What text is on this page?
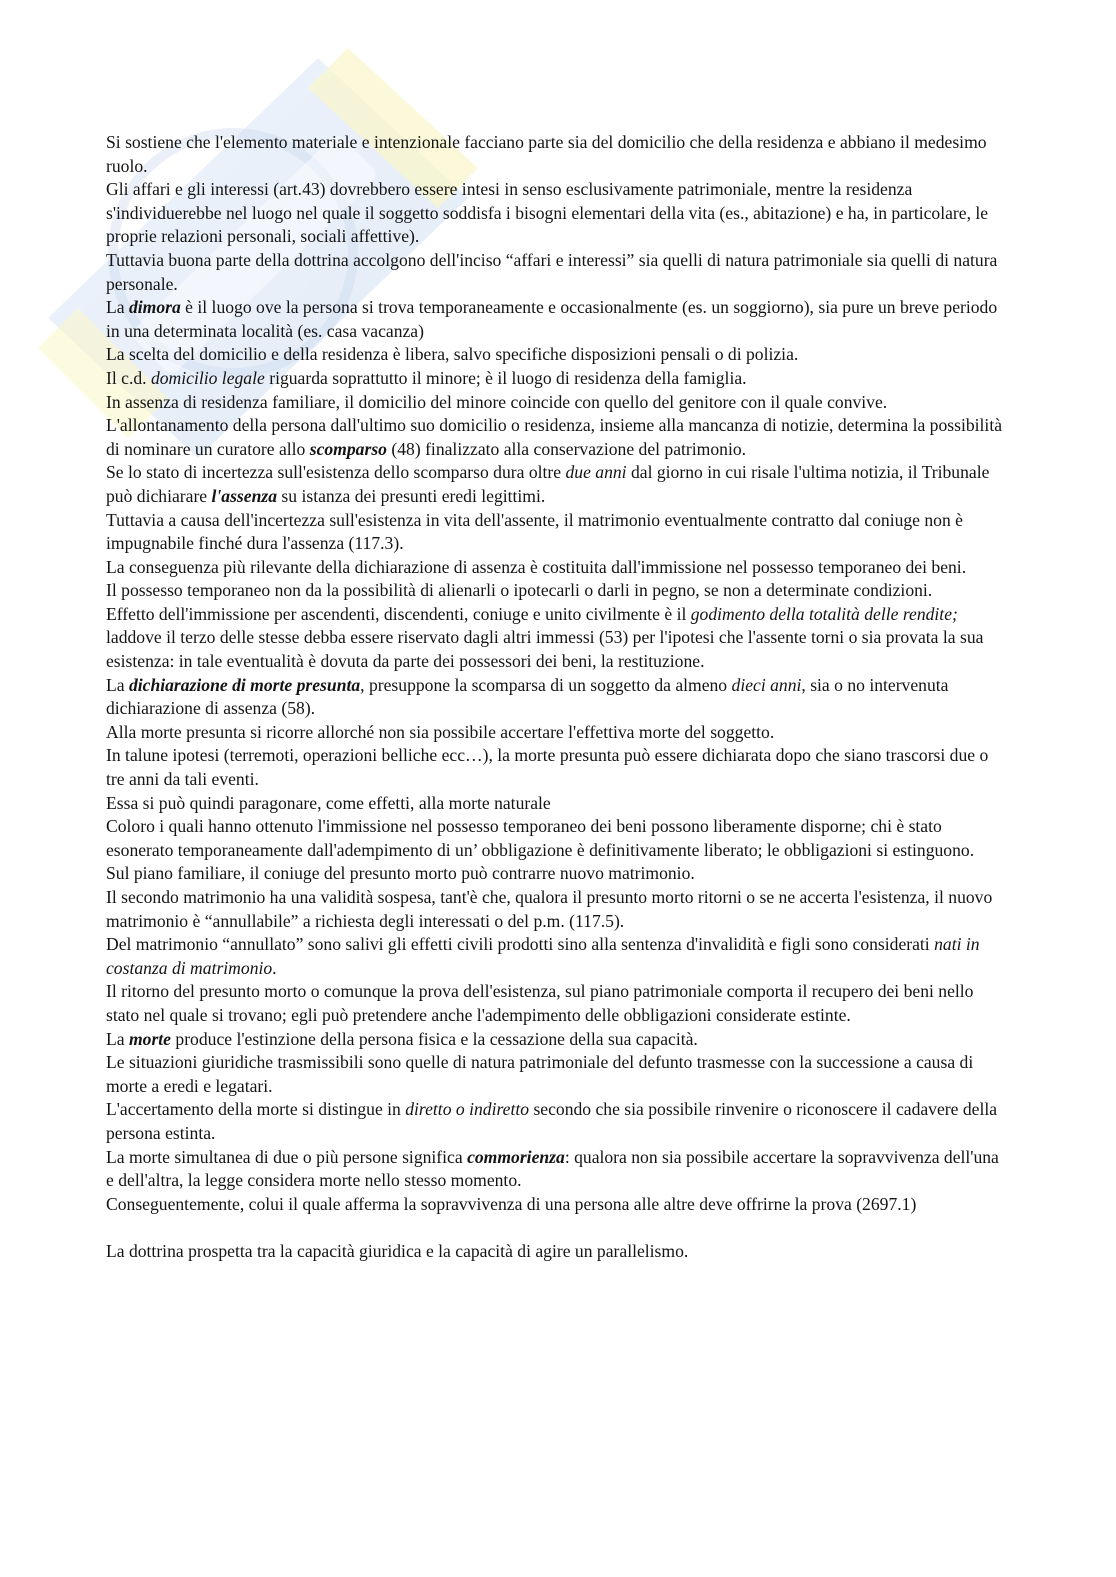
Si sostiene che l'elemento materiale e intenzionale facciano parte sia del domicilio che della residenza e abbiano il medesimo ruolo.

Gli affari e gli interessi (art.43) dovrebbero essere intesi in senso esclusivamente patrimoniale, mentre la residenza s'individuerebbe nel luogo nel quale il soggetto soddisfa i bisogni elementari della vita (es., abitazione) e ha, in particolare, le proprie relazioni personali, sociali affettive).

Tuttavia buona parte della dottrina accolgono dell'inciso “affari e interessi” sia quelli di natura patrimoniale sia quelli di natura personale.

La dimora è il luogo ove la persona si trova temporaneamente e occasionalmente (es. un soggiorno), sia pure un breve periodo in una determinata località (es. casa vacanza)

La scelta del domicilio e della residenza è libera, salvo specifiche disposizioni pensali o di polizia.

Il c.d. domicilio legale riguarda soprattutto il minore; è il luogo di residenza della famiglia.

In assenza di residenza familiare, il domicilio del minore coincide con quello del genitore con il quale convive.

L'allontanamento della persona dall'ultimo suo domicilio o residenza, insieme alla mancanza di notizie, determina la possibilità di nominare un curatore allo scomparso (48) finalizzato alla conservazione del patrimonio.

Se lo stato di incertezza sull'esistenza dello scomparso dura oltre due anni dal giorno in cui risale l'ultima notizia, il Tribunale può dichiarare l'assenza su istanza dei presunti eredi legittimi.

Tuttavia a causa dell'incertezza sull'esistenza in vita dell'assente, il matrimonio eventualmente contratto dal coniuge non è impugnabile finché dura l'assenza (117.3).

La conseguenza più rilevante della dichiarazione di assenza è costituita dall'immissione nel possesso temporaneo dei beni.

Il possesso temporaneo non da la possibilità di alienarli o ipotecarli o darli in pegno, se non a determinate condizioni.

Effetto dell'immissione per ascendenti, discendenti, coniuge e unito civilmente è il godimento della totalità delle rendite; laddove il terzo delle stesse debba essere riservato dagli altri immessi (53) per l'ipotesi che l'assente torni o sia provata la sua esistenza: in tale eventualità è dovuta da parte dei possessori dei beni, la restituzione.

La dichiarazione di morte presunta, presuppone la scomparsa di un soggetto da almeno dieci anni, sia o no intervenuta dichiarazione di assenza (58).

Alla morte presunta si ricorre allorché non sia possibile accertare l'effettiva morte del soggetto.

In talune ipotesi (terremoti, operazioni belliche ecc…), la morte presunta può essere dichiarata dopo che siano trascorsi due o tre anni da tali eventi.

Essa si può quindi paragonare, come effetti, alla morte naturale

Coloro i quali hanno ottenuto l'immissione nel possesso temporaneo dei beni possono liberamente disporne; chi è stato esonerato temporaneamente dall'adempimento di un’ obbligazione è definitivamente liberato; le obbligazioni si estinguono.

Sul piano familiare, il coniuge del presunto morto può contrarre nuovo matrimonio.

Il secondo matrimonio ha una validità sospesa, tant'è che, qualora il presunto morto ritorni o se ne accerta l'esistenza, il nuovo matrimonio è “annullabile” a richiesta degli interessati o del p.m. (117.5).

Del matrimonio “annullato” sono salivi gli effetti civili prodotti sino alla sentenza d'invalidità e figli sono considerati nati in costanza di matrimonio.

Il ritorno del presunto morto o comunque la prova dell'esistenza, sul piano patrimoniale comporta il recupero dei beni nello stato nel quale si trovano; egli può pretendere anche l'adempimento delle obbligazioni considerate estinte.

La morte produce l'estinzione della persona fisica e la cessazione della sua capacità.

Le situazioni giuridiche trasmissibili sono quelle di natura patrimoniale del defunto trasmesse con la successione a causa di morte a eredi e legatari.

L'accertamento della morte si distingue in diretto o indiretto secondo che sia possibile rinvenire o riconoscere il cadavere della persona estinta.

La morte simultanea di due o più persone significa commorienza: qualora non sia possibile accertare la sopravvivenza dell'una e dell'altra, la legge considera morte nello stesso momento.

Conseguentemente, colui il quale afferma la sopravvivenza di una persona alle altre deve offrirne la prova (2697.1)

La dottrina prospetta tra la capacità giuridica e la capacità di agire un parallelismo.
